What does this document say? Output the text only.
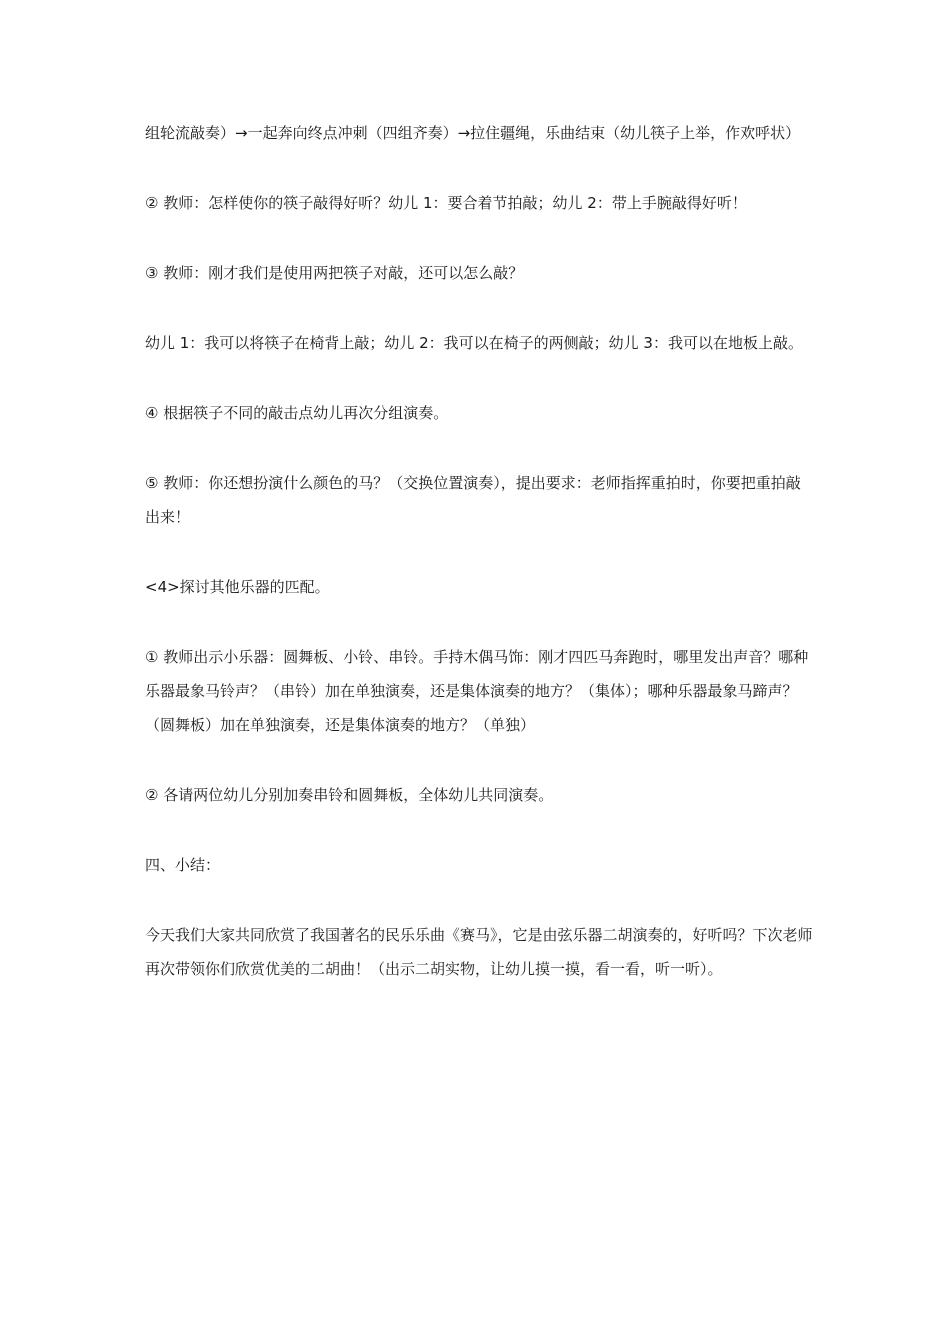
组轮流敲奏）→一起奔向终点冲刺（四组齐奏）→拉住疆绳，乐曲结束（幼儿筷子上举，作欢呼状）

② 教师：怎样使你的筷子敲得好听？幼儿 1：要合着节拍敲；幼儿 2：带上手腕敲得好听！

③ 教师：刚才我们是使用两把筷子对敲，还可以怎么敲？

幼儿 1：我可以将筷子在椅背上敲；幼儿 2：我可以在椅子的两侧敲；幼儿 3：我可以在地板上敲。

④ 根据筷子不同的敲击点幼儿再次分组演奏。

⑤ 教师：你还想扮演什么颜色的马？（交换位置演奏），提出要求：老师指挥重拍时，你要把重拍敲出来！

<4>探讨其他乐器的匹配。

① 教师出示小乐器：圆舞板、小铃、串铃。手持木偶马饰：刚才四匹马奔跑时，哪里发出声音？哪种乐器最象马铃声？（串铃）加在单独演奏，还是集体演奏的地方？（集体）；哪种乐器最象马蹄声？（圆舞板）加在单独演奏，还是集体演奏的地方？（单独）

② 各请两位幼儿分别加奏串铃和圆舞板，全体幼儿共同演奏。

四、小结：

今天我们大家共同欣赏了我国著名的民乐乐曲《赛马》，它是由弦乐器二胡演奏的，好听吗？下次老师再次带领你们欣赏优美的二胡曲！（出示二胡实物，让幼儿摸一摸，看一看，听一听）。
